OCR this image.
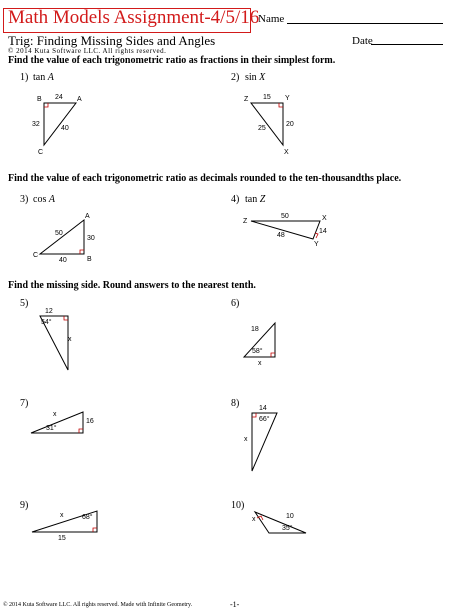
Math Models Assignment-4/5/16
Name
Trig: Finding Missing Sides and Angles	Date
© 2014 Kuta Software LLC. All rights reserved.
Find the value of each trigonometric ratio as fractions in their simplest form.
Find the value of each trigonometric ratio as decimals rounded to the ten-thousandths place.
Find the missing side. Round answers to the nearest tenth.
1) tan A	2) sin X
3) cos A	4) tan Z
5)	6)
7)	8)
9)	10)
B	A
C
24
32
40
Z	Y
X
15
20
25
A
C
B
50
30
40
Z	X
Y
50
14
48
12
54°
x
18
58°
x
16
31°
x
14
66°
x
15
68°
x	10
35°
x
© 2014 Kuta Software LLC. All rights reserved. Made with Infinite Geometry.	-1-
